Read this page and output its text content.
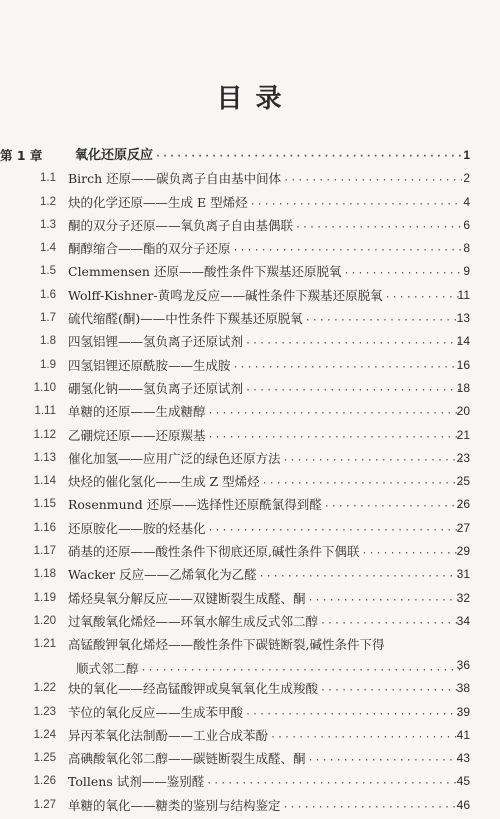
目 录
第 1 章	氧化还原反应 ·····	1
1.1 Birch 还原——碳负离子自由基中间体 ·····	2
1.2 炔的化学还原——生成 E 型烯烃 ·····	4
1.3 酮的双分子还原——氧负离子自由基偶联 ·····	6
1.4 酮醇缩合——酯的双分子还原 ·····	8
1.5 Clemmensen 还原——酸性条件下羰基还原脱氧 ·····	9
1.6 Wolff-Kishner-黄鸣龙反应——碱性条件下羰基还原脱氧 ·····	11
1.7 硫代缩醛(酮)——中性条件下羰基还原脱氧 ·····	13
1.8 四氢铝锂——氢负离子还原试剂 ·····	14
1.9 四氢铝锂还原酰胺——生成胺 ·····	16
1.10 硼氢化钠——氢负离子还原试剂 ·····	18
1.11 单糖的还原——生成糖醇 ·····	20
1.12 乙硼烷还原——还原羰基 ·····	21
1.13 催化加氢——应用广泛的绿色还原方法 ·····	23
1.14 炔烃的催化氢化——生成 Z 型烯烃 ·····	25
1.15 Rosenmund 还原——选择性还原酰氯得到醛 ·····	26
1.16 还原胺化——胺的烃基化 ·····	27
1.17 硝基的还原——酸性条件下彻底还原,碱性条件下偶联 ·····	29
1.18 Wacker 反应——乙烯氧化为乙醛 ·····	31
1.19 烯烃臭氧分解反应——双键断裂生成醛、酮 ·····	32
1.20 过氧酸氧化烯烃——环氧水解生成反式邻二醇 ·····	34
1.21 高锰酸钾氧化烯烃——酸性条件下碳链断裂,碱性条件下得
顺式邻二醇 ·····	36
1.22 炔的氧化——经高锰酸钾或臭氧氧化生成羧酸 ·····	38
1.23 苄位的氧化反应——生成苯甲酸 ·····	39
1.24 异丙苯氧化法制酚——工业合成苯酚 ·····	41
1.25 高碘酸氧化邻二醇——碳链断裂生成醛、酮 ·····	43
1.26 Tollens 试剂——鉴别醛 ·····	45
1.27 单糖的氧化——糖类的鉴别与结构鉴定 ·····	46
